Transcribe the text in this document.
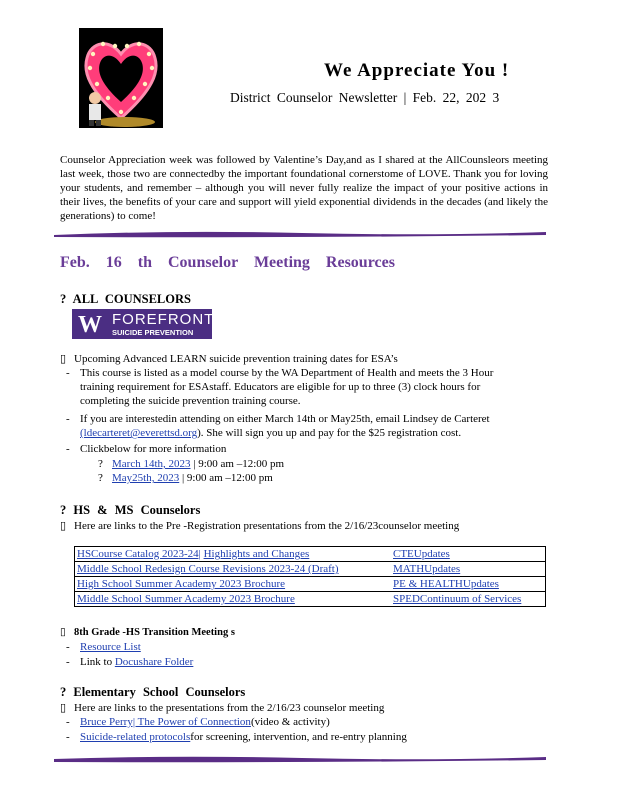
We Appreciate You !
District Counselor Newsletter | Feb. 22, 202 3
Counselor Appreciation week was followed by Valentine’s Day,and as I shared at the AllCounsleors meeting last week, those two are connectedby the important foundational cornerstome of LOVE. Thank you for loving your students, and remember – although you will never fully realize the impact of your positive actions in their lives, the benefits of your care and support will yield exponential dividends in the decades (and likely the generations) to come!
Feb. 16 th Counselor Meeting Resources
? ALL COUNSELORS
W FOREFRONT
SUICIDE PREVENTION
▯ Upcoming Advanced LEARN suicide prevention training dates for ESA’s
- This course is listed as a model course by the WA Department of Health and meets the 3 Hour training requirement for ESAstaff. Educators are eligible for up to three (3) clock hours for completing the suicide prevention training course.
- If you are interestedin attending on either March 14th or May25th, email Lindsey de Carteret (ldecarteret@everettsd.org). She will sign you up and pay for the $25 registration cost.
- Clickbelow for more information
? March 14th, 2023 | 9:00 am –12:00 pm
? May25th, 2023 | 9:00 am –12:00 pm
? HS & MS Counselors
▯ Here are links to the Pre -Registration presentations from the 2/16/23counselor meeting
HSCourse Catalog 2023-24| Highlights and Changes	CTEUpdates
Middle School Redesign Course Revisions 2023-24 (Draft)	MATHUpdates
High School Summer Academy 2023 Brochure	PE & HEALTHUpdates
Middle School Summer Academy 2023 Brochure	SPEDContinuum of Services
▯ 8th Grade -HS Transition Meeting s
- Resource List
- Link to Docushare Folder
? Elementary School Counselors
▯ Here are links to the presentations from the 2/16/23 counselor meeting
- Bruce Perry| The Power of Connection(video & activity)
- Suicide-related protocolsfor screening, intervention, and re-entry planning
